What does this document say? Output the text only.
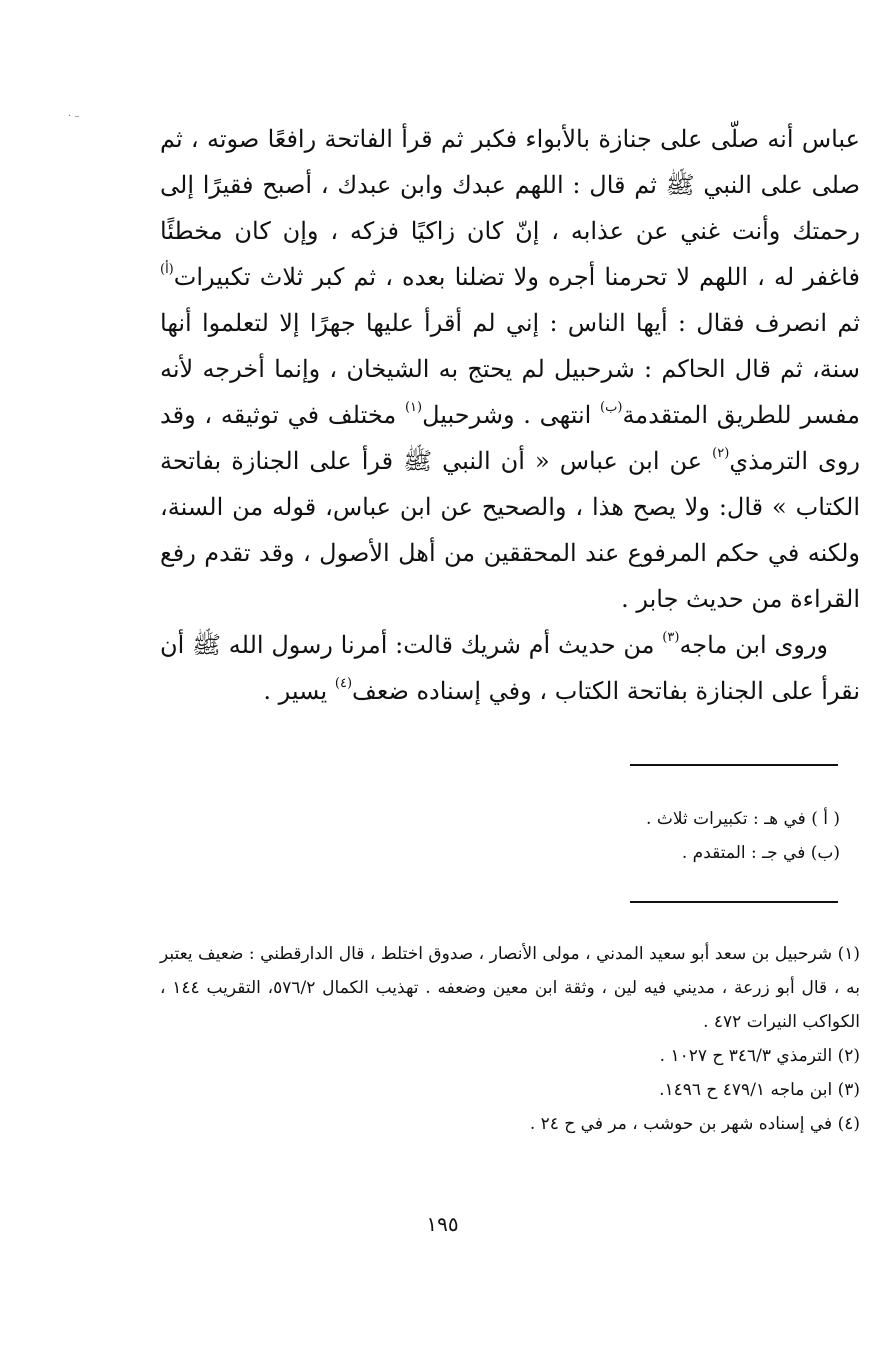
· –

عباس أنه صلّى على جنازة بالأبواء فكبر ثم قرأ الفاتحة رافعًا صوته ، ثم صلى على النبي ﷺ ثم قال : اللهم عبدك وابن عبدك ، أصبح فقيرًا إلى رحمتك وأنت غني عن عذابه ، إنّ كان زاكيًا فزكه ، وإن كان مخطئًا فاغفر له ، اللهم لا تحرمنا أجره ولا تضلنا بعده ، ثم كبر ثلاث تكبيرات$^{(أ)}$ ثم انصرف فقال : أيها الناس : إني لم أقرأ عليها جهرًا إلا لتعلموا أنها سنة، ثم قال الحاكم : شرحبيل لم يحتج به الشيخان ، وإنما أخرجه لأنه مفسر للطريق المتقدمة$^{(ب)}$ انتهى . وشرحبيل$^{(١)}$ مختلف في توثيقه ، وقد روى الترمذي$^{(٢)}$ عن ابن عباس « أن النبي ﷺ قرأ على الجنازة بفاتحة الكتاب » قال: ولا يصح هذا ، والصحيح عن ابن عباس، قوله من السنة، ولكنه في حكم المرفوع عند المحققين من أهل الأصول ، وقد تقدم رفع القراءة من حديث جابر .

وروى ابن ماجه$^{(٣)}$ من حديث أم شريك قالت: أمرنا رسول الله ﷺ أن نقرأ على الجنازة بفاتحة الكتاب ، وفي إسناده ضعف$^{(٤)}$ يسير .

( أ ) في هـ : تكبيرات ثلاث .

(ب) في جـ : المتقدم .

(١) شرحبيل بن سعد أبو سعيد المدني ، مولى الأنصار ، صدوق اختلط ، قال الدارقطني : ضعيف يعتبر به ، قال أبو زرعة ، مديني فيه لين ، وثقة ابن معين وضعفه . تهذيب الكمال ٥٧٦/٢، التقريب ١٤٤ ، الكواكب النيرات ٤٧٢ .

(٢) الترمذي ٣٤٦/٣ ح ١٠٢٧ .

(٣) ابن ماجه ٤٧٩/١ ح ١٤٩٦.

(٤) في إسناده شهر بن حوشب ، مر في ح ٢٤ .

١٩٥
